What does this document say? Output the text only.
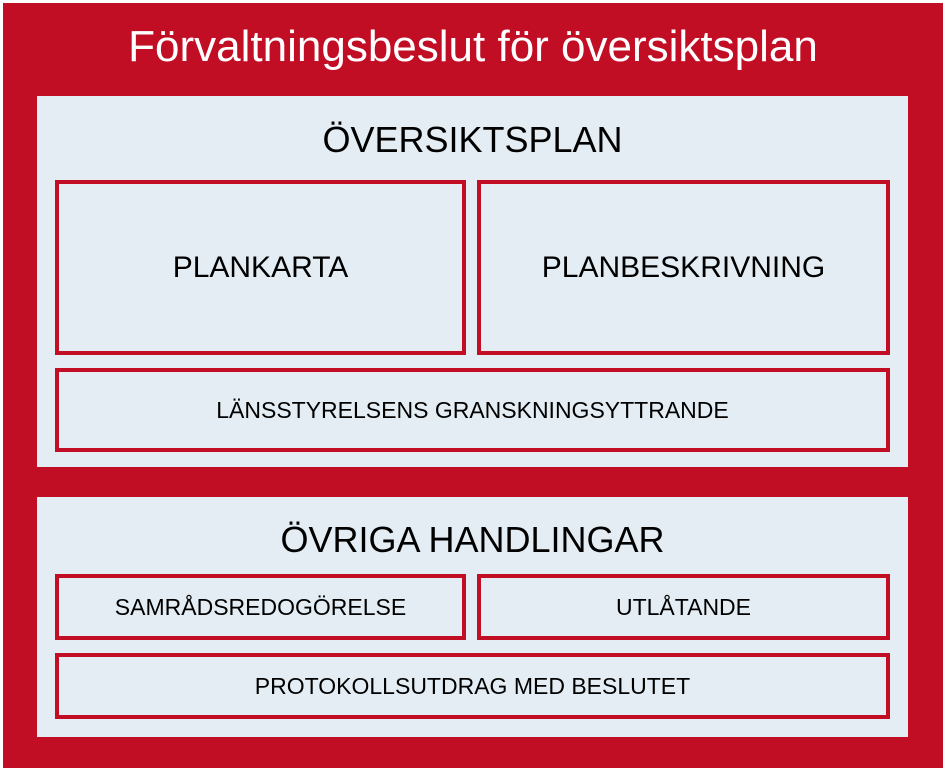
Förvaltningsbeslut för översiktsplan
ÖVERSIKTSPLAN
PLANKARTA	PLANBESKRIVNING
LÄNSSTYRELSENS GRANSKNINGSYTTRANDE
ÖVRIGA HANDLINGAR
SAMRÅDSREDOGÖRELSE	UTLÅTANDE
PROTOKOLLSUTDRAG MED BESLUTET
